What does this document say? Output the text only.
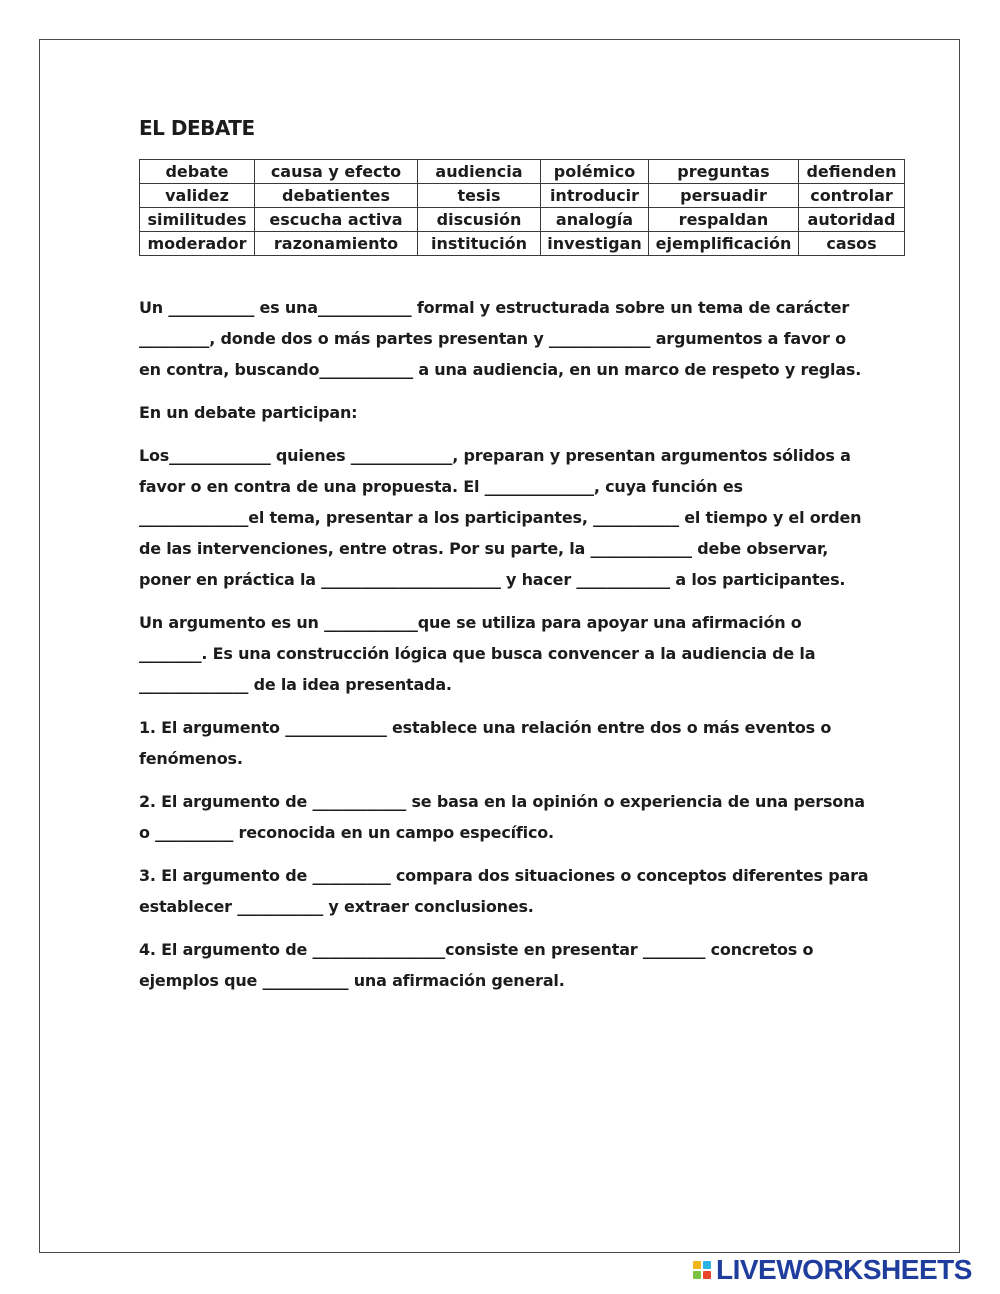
EL DEBATE
debate	causa y efecto	audiencia	polémico	preguntas	defienden
validez	debatientes	tesis	introducir	persuadir	controlar
similitudes	escucha activa	discusión	analogía	respaldan	autoridad
moderador	razonamiento	institución	investigan	ejemplificación	casos

Un ___________ es una____________ formal y estructurada sobre un tema de carácter _________, donde dos o más partes presentan y _____________ argumentos a favor o en contra, buscando____________ a una audiencia, en un marco de respeto y reglas.

En un debate participan:

Los_____________ quienes _____________, preparan y presentan argumentos sólidos a favor o en contra de una propuesta. El ______________, cuya función es ______________el tema, presentar a los participantes, ___________ el tiempo y el orden de las intervenciones, entre otras. Por su parte, la _____________ debe observar, poner en práctica la _______________________ y hacer ____________ a los participantes.

Un argumento es un ____________que se utiliza para apoyar una afirmación o ________. Es una construcción lógica que busca convencer a la audiencia de la ______________ de la idea presentada.

1. El argumento _____________ establece una relación entre dos o más eventos o fenómenos.

2. El argumento de ____________ se basa en la opinión o experiencia de una persona o __________ reconocida en un campo específico.

3. El argumento de __________ compara dos situaciones o conceptos diferentes para establecer ___________ y extraer conclusiones.

4. El argumento de _________________consiste en presentar ________ concretos o ejemplos que ___________ una afirmación general.

LIVEWORKSHEETS
